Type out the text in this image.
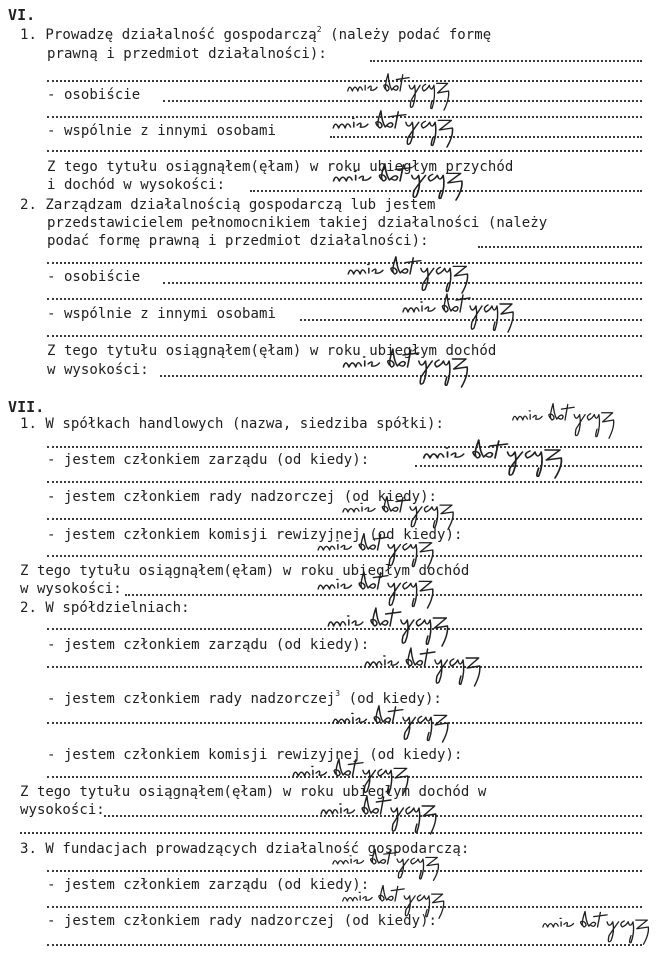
VI.
1. Prowadzę działalność gospodarczą$^2$ (należy podać formę
prawną i przedmiot działalności):
- osobiście
- wspólnie z innymi osobami
Z tego tytułu osiągnąłem(ęłam) w roku ubiegłym przychód
i dochód w wysokości:
2. Zarządzam działalnością gospodarczą lub jestem
przedstawicielem pełnomocnikiem takiej działalności (należy
podać formę prawną i przedmiot działalności):
- osobiście
- wspólnie z innymi osobami
Z tego tytułu osiągnąłem(ęłam) w roku ubiegłym dochód
w wysokości:
VII.
1. W spółkach handlowych (nazwa, siedziba spółki):
- jestem członkiem zarządu (od kiedy):
- jestem członkiem rady nadzorczej (od kiedy):
- jestem członkiem komisji rewizyjnej (od kiedy):
Z tego tytułu osiągnąłem(ęłam) w roku ubiegłym dochód
w wysokości:
2. W spółdzielniach:
- jestem członkiem zarządu (od kiedy):
- jestem członkiem rady nadzorczej$^3$ (od kiedy):
- jestem członkiem komisji rewizyjnej (od kiedy):
Z tego tytułu osiągnąłem(ęłam) w roku ubiegłym dochód w
wysokości:
3. W fundacjach prowadzących działalność gospodarczą:
- jestem członkiem zarządu (od kiedy):
- jestem członkiem rady nadzorczej (od kiedy):
